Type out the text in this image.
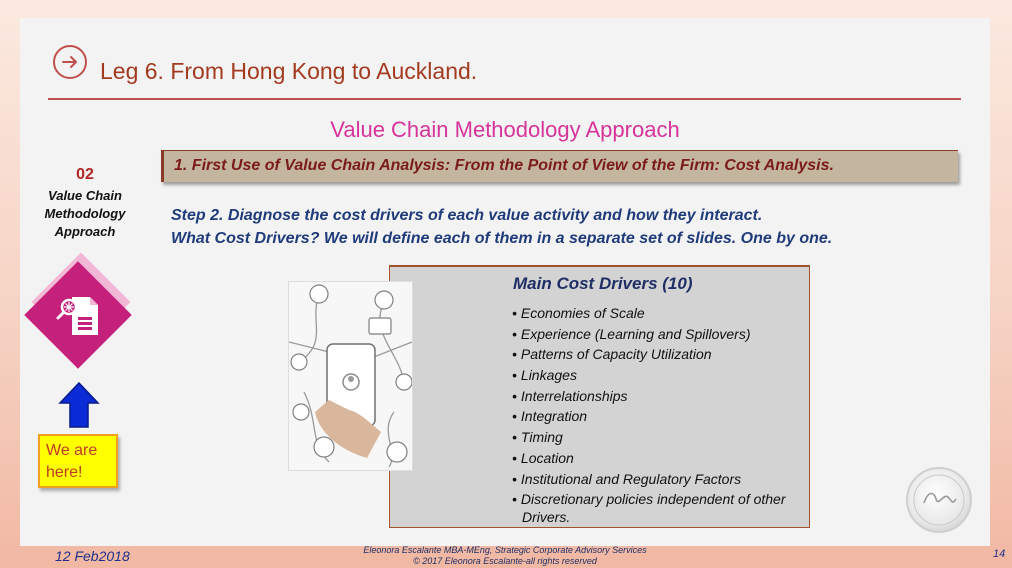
Leg 6. From Hong Kong to Auckland.
Value Chain Methodology Approach
1. First Use of Value Chain Analysis: From the Point of View of the Firm: Cost Analysis.
Step 2. Diagnose the cost drivers of each value activity and how they interact.
What Cost Drivers? We will define each of them in a separate set of slides. One by one.
02
Value Chain
Methodology
Approach
We are
here!
Main Cost Drivers (10)
• Economies of Scale
• Experience (Learning and Spillovers)
• Patterns of Capacity Utilization
• Linkages
• Interrelationships
• Integration
• Timing
• Location
• Institutional and Regulatory Factors
• Discretionary policies independent of other Drivers.
12 Feb2018	Eleonora Escalante MBA-MEng, Strategic Corporate Advisory Services
© 2017 Eleonora Escalante-all rights reserved
14
